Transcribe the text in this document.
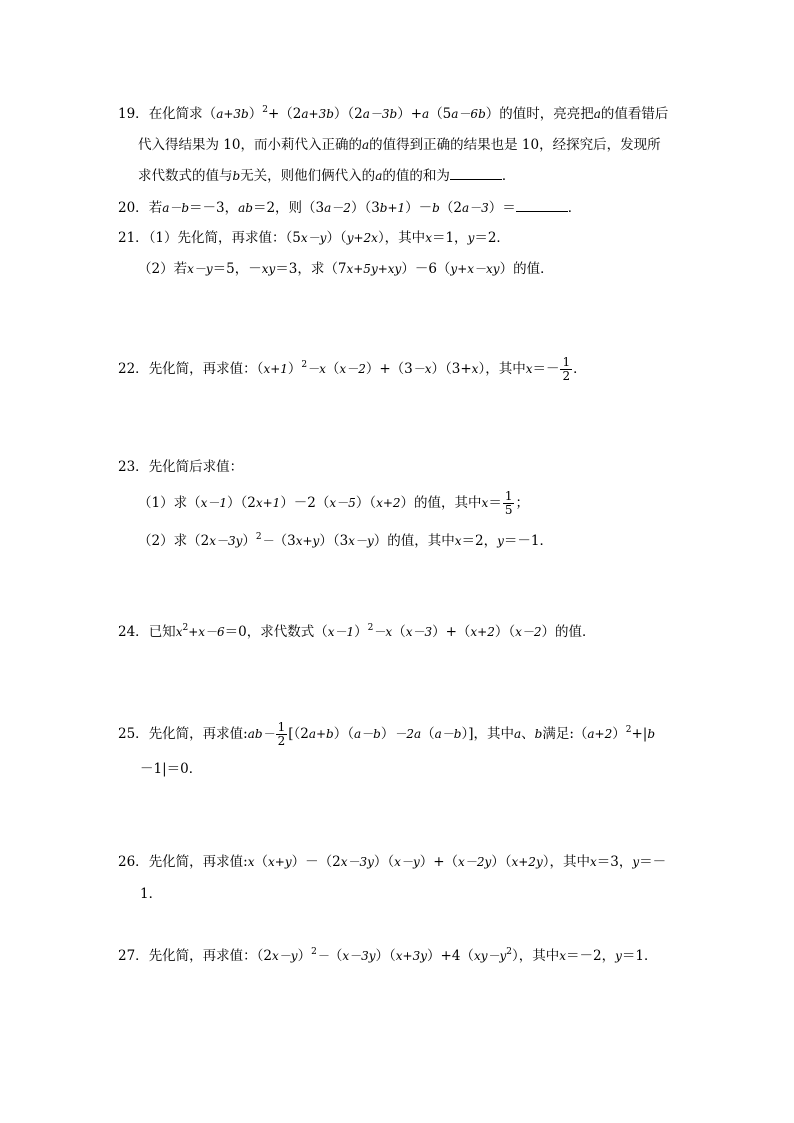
19．在化简求$(a+3b)^2+(2a+3b)(2a-3b)+a(5a-6b)$的值时，亮亮把a的值看错后
代入得结果为 10，而小莉代入正确的a的值得到正确的结果也是 10，经探究后，发现所
求代数式的值与b无关，则他们俩代入的a的值的和为	．
20．若a－b＝－3，ab＝2，则（3a－2）（3b+1）－b（2a－3）＝	．
21．（1）先化简，再求值：（5x－y）（y+2x），其中x＝1，y＝2．
（2）若x－y＝5，－xy＝3，求（7x+5y+xy）－6（y+x－xy）的值．
22．先化简，再求值：$(x+1)^2-x(x-2)+(3-x)(3+x)$，其中$x=- \frac{1}{2}$ ．
23．先化简后求值：
（1）求（x－1）（2x+1）－2（x－5）（x+2）的值，其中$x= \frac{1}{5}$ ；
（2）求$(2x-3y)^2-(3x+y)(3x-y)$的值，其中x＝2，y＝－1．
24．已知$x^2+x-6=0$，求代数式$(x-1)^2-x(x-3)+(x+2)(x-2)$的值．
25．先化简，再求值:ab－ $\frac{1}{2} [(2a+b)(a-b)-2a(a-b)]$，其中a、b满足$:(a+2)^2+|b$
－1|＝0．
26．先化简，再求值:x（x+y）－（2x－3y）（x－y）+（x－2y）（x+2y），其中x＝3，y＝－
1．
27．先化简，再求值：$(2x-y)^2-(x-3y)(x+3y)+4(xy-y^2)$，其中x＝－2，y＝1．
